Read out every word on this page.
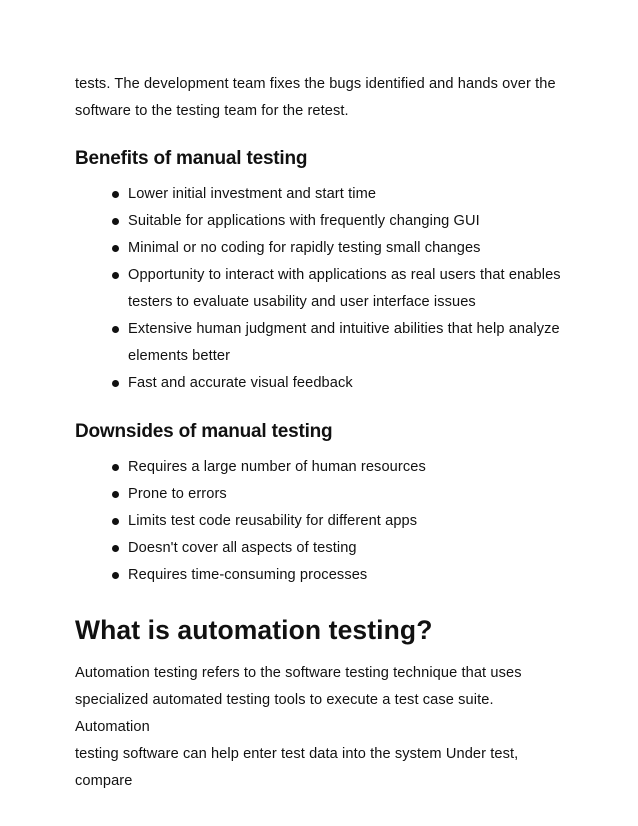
tests. The development team fixes the bugs identified and hands over the
software to the testing team for the retest.

Benefits of manual testing
Lower initial investment and start time
Suitable for applications with frequently changing GUI
Minimal or no coding for rapidly testing small changes
Opportunity to interact with applications as real users that enables
testers to evaluate usability and user interface issues
Extensive human judgment and intuitive abilities that help analyze
elements better
Fast and accurate visual feedback
Downsides of manual testing
Requires a large number of human resources
Prone to errors
Limits test code reusability for different apps
Doesn't cover all aspects of testing
Requires time-consuming processes
What is automation testing?

Automation testing refers to the software testing technique that uses
specialized automated testing tools to execute a test case suite. Automation
testing software can help enter test data into the system Under test, compare
